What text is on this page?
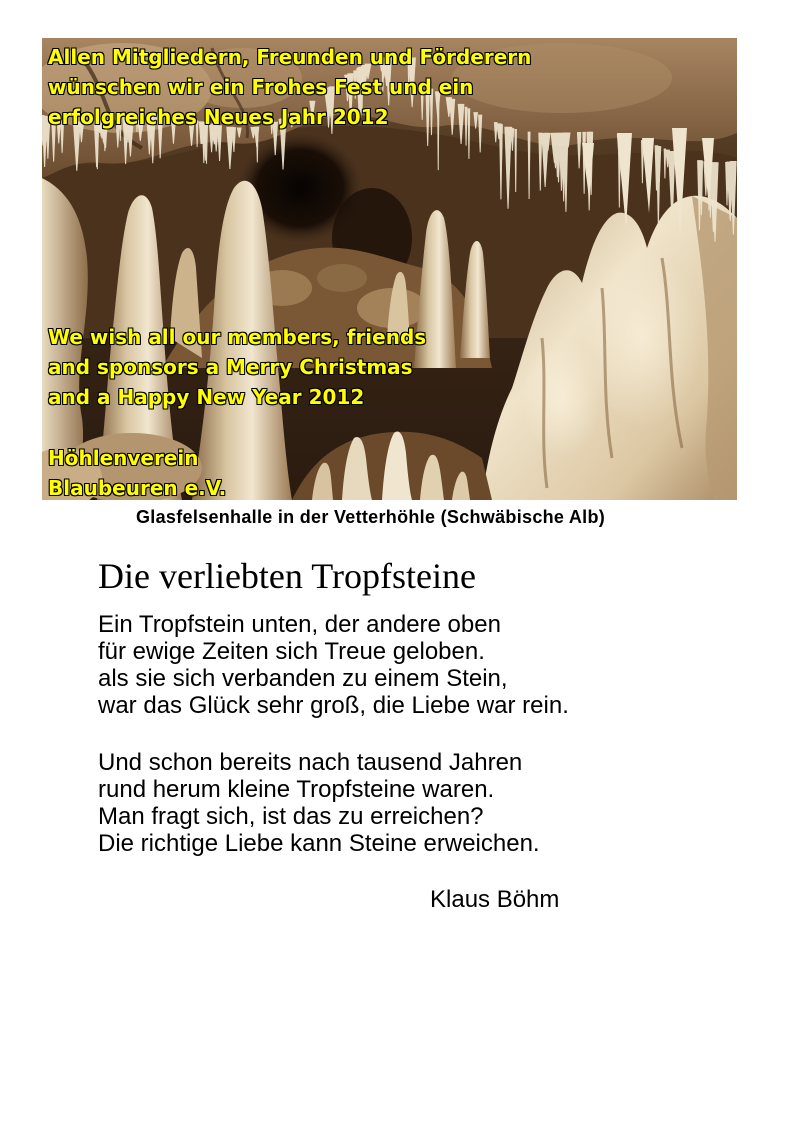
Allen Mitgliedern, Freunden und Förderern
wünschen wir ein Frohes Fest und ein
erfolgreiches Neues Jahr 2012
We wish all our members, friends
and sponsors a Merry Christmas
and a Happy New Year 2012
Höhlenverein
Blaubeuren e.V.
Glasfelsenhalle in der Vetterhöhle (Schwäbische Alb)
Die verliebten Tropfsteine
Ein Tropfstein unten, der andere oben
für ewige Zeiten sich Treue geloben.
als sie sich verbanden zu einem Stein,
war das Glück sehr groß, die Liebe war rein.
Und schon bereits nach tausend Jahren
rund herum kleine Tropfsteine waren.
Man fragt sich, ist das zu erreichen?
Die richtige Liebe kann Steine erweichen.
Klaus Böhm
